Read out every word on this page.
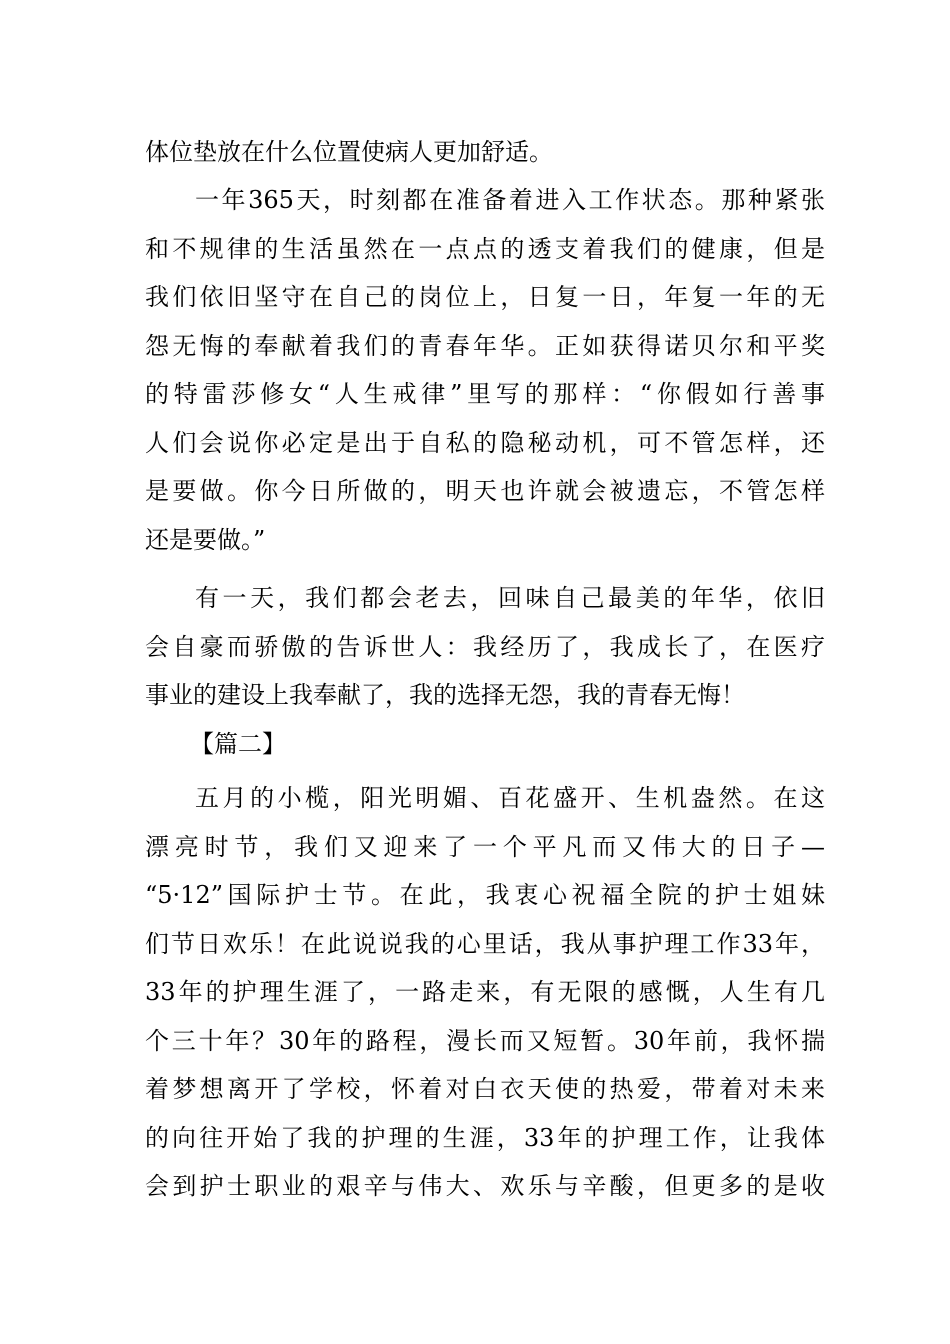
体位垫放在什么位置使病人更加舒适。
一年365天，时刻都在准备着进入工作状态。那种紧张
和不规律的生活虽然在一点点的透支着我们的健康，但是
我们依旧坚守在自己的岗位上，日复一日，年复一年的无
怨无悔的奉献着我们的青春年华。正如获得诺贝尔和平奖
的特雷莎修女“人生戒律”里写的那样：“你假如行善事
人们会说你必定是出于自私的隐秘动机，可不管怎样，还
是要做。你今日所做的，明天也许就会被遗忘，不管怎样
还是要做。”
有一天，我们都会老去，回味自己最美的年华，依旧
会自豪而骄傲的告诉世人：我经历了，我成长了，在医疗
事业的建设上我奉献了，我的选择无怨，我的青春无悔！
【篇二】
五月的小榄，阳光明媚、百花盛开、生机盎然。在这
漂亮时节，我们又迎来了一个平凡而又伟大的日子—
“5·12”国际护士节。在此，我衷心祝福全院的护士姐妹
们节日欢乐！在此说说我的心里话，我从事护理工作33年，
33年的护理生涯了，一路走来，有无限的感慨，人生有几
个三十年？30年的路程，漫长而又短暂。30年前，我怀揣
着梦想离开了学校，怀着对白衣天使的热爱，带着对未来
的向往开始了我的护理的生涯，33年的护理工作，让我体
会到护士职业的艰辛与伟大、欢乐与辛酸，但更多的是收
